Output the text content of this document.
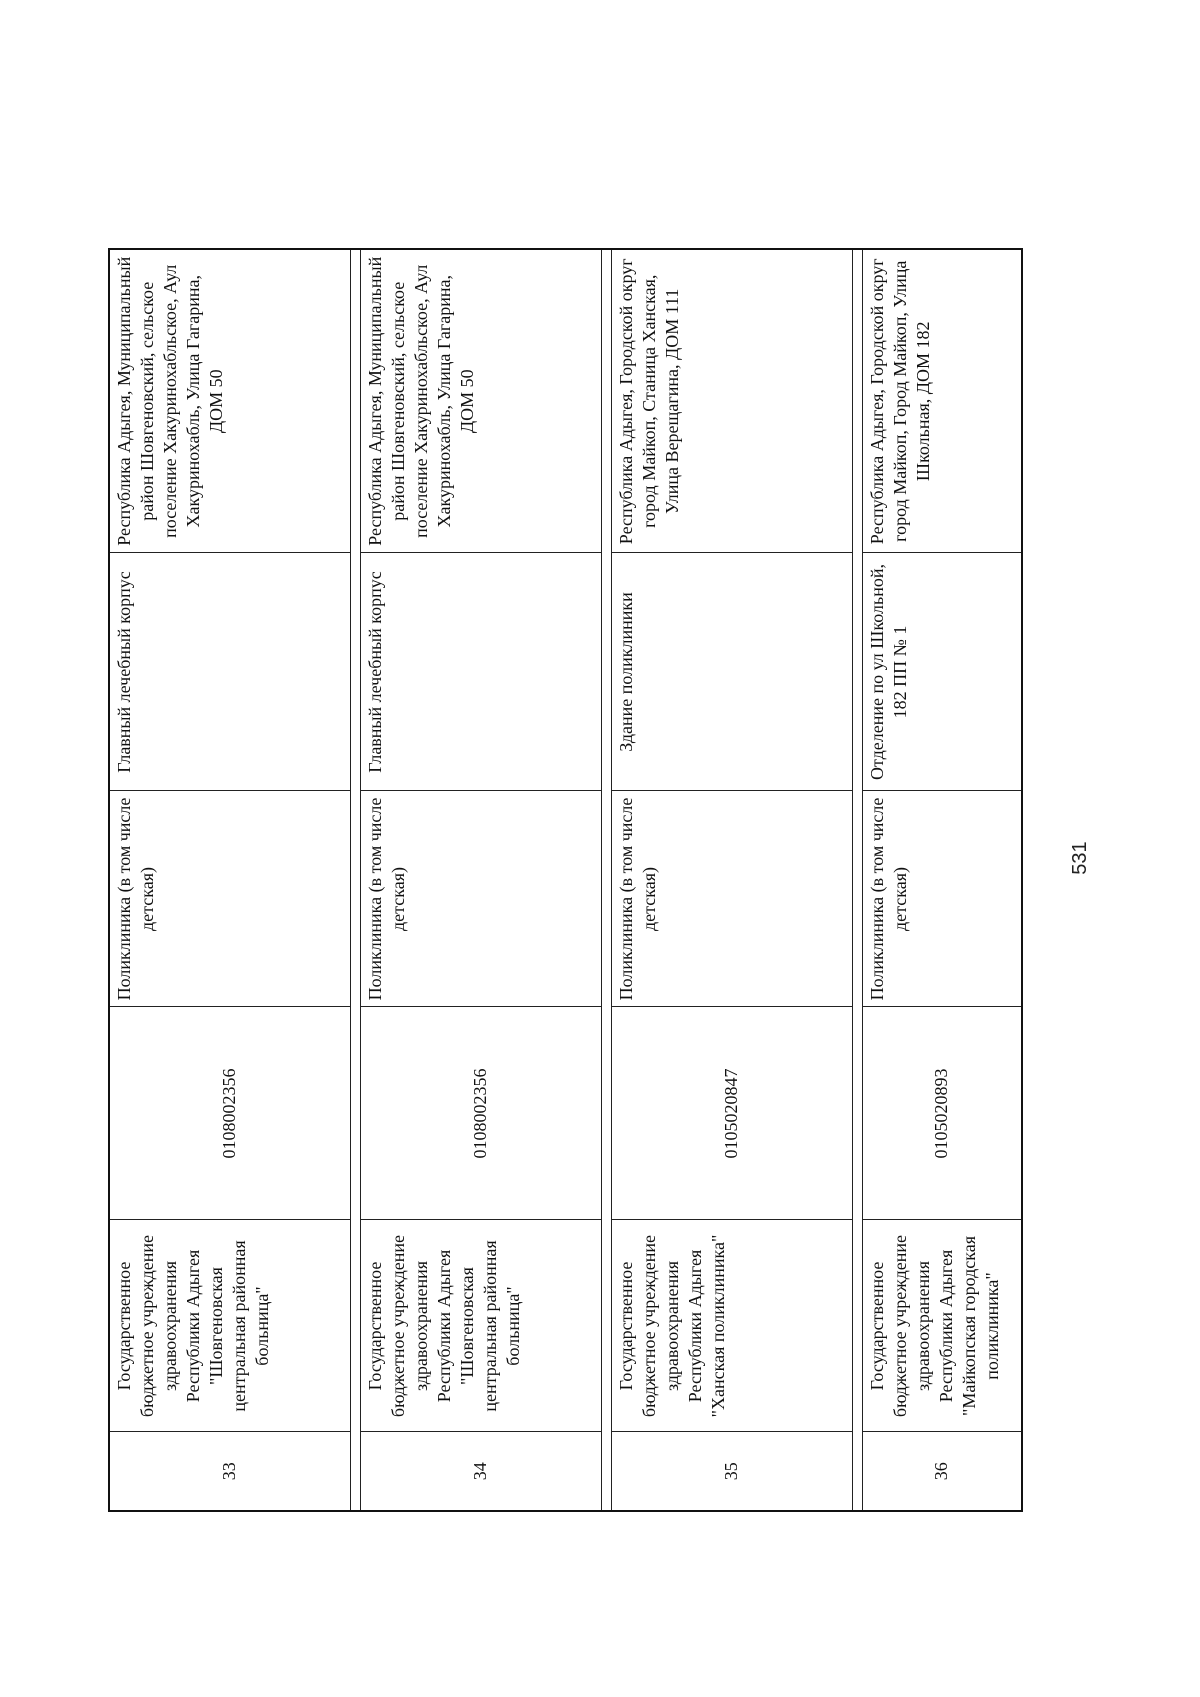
33	Государственное бюджетное учреждение здравоохранения Республики Адыгея "Шовгеновская центральная районная больница"	0108002356	Поликлиника (в том числе детская)	Главный лечебный корпус	Республика Адыгея, Муниципальный район Шовгеновский, сельское поселение Хакуринохабльское, Аул Хакуринохабль, Улица Гагарина, ДОМ 50

34	Государственное бюджетное учреждение здравоохранения Республики Адыгея "Шовгеновская центральная районная больница"	0108002356	Поликлиника (в том числе детская)	Главный лечебный корпус	Республика Адыгея, Муниципальный район Шовгеновский, сельское поселение Хакуринохабльское, Аул Хакуринохабль, Улица Гагарина, ДОМ 50

35	Государственное бюджетное учреждение здравоохранения Республики Адыгея "Ханская поликлиника"	0105020847	Поликлиника (в том числе детская)	Здание поликлиники	Республика Адыгея, Городской округ город Майкоп, Станица Ханская, Улица Верещагина, ДОМ 111

36	Государственное бюджетное учреждение здравоохранения Республики Адыгея "Майкопская городская поликлиника"	0105020893	Поликлиника (в том числе детская)	Отделение по ул Школьной, 182 ПП № 1	Республика Адыгея, Городской округ город Майкоп, Город Майкоп, Улица Школьная, ДОМ 182
531
